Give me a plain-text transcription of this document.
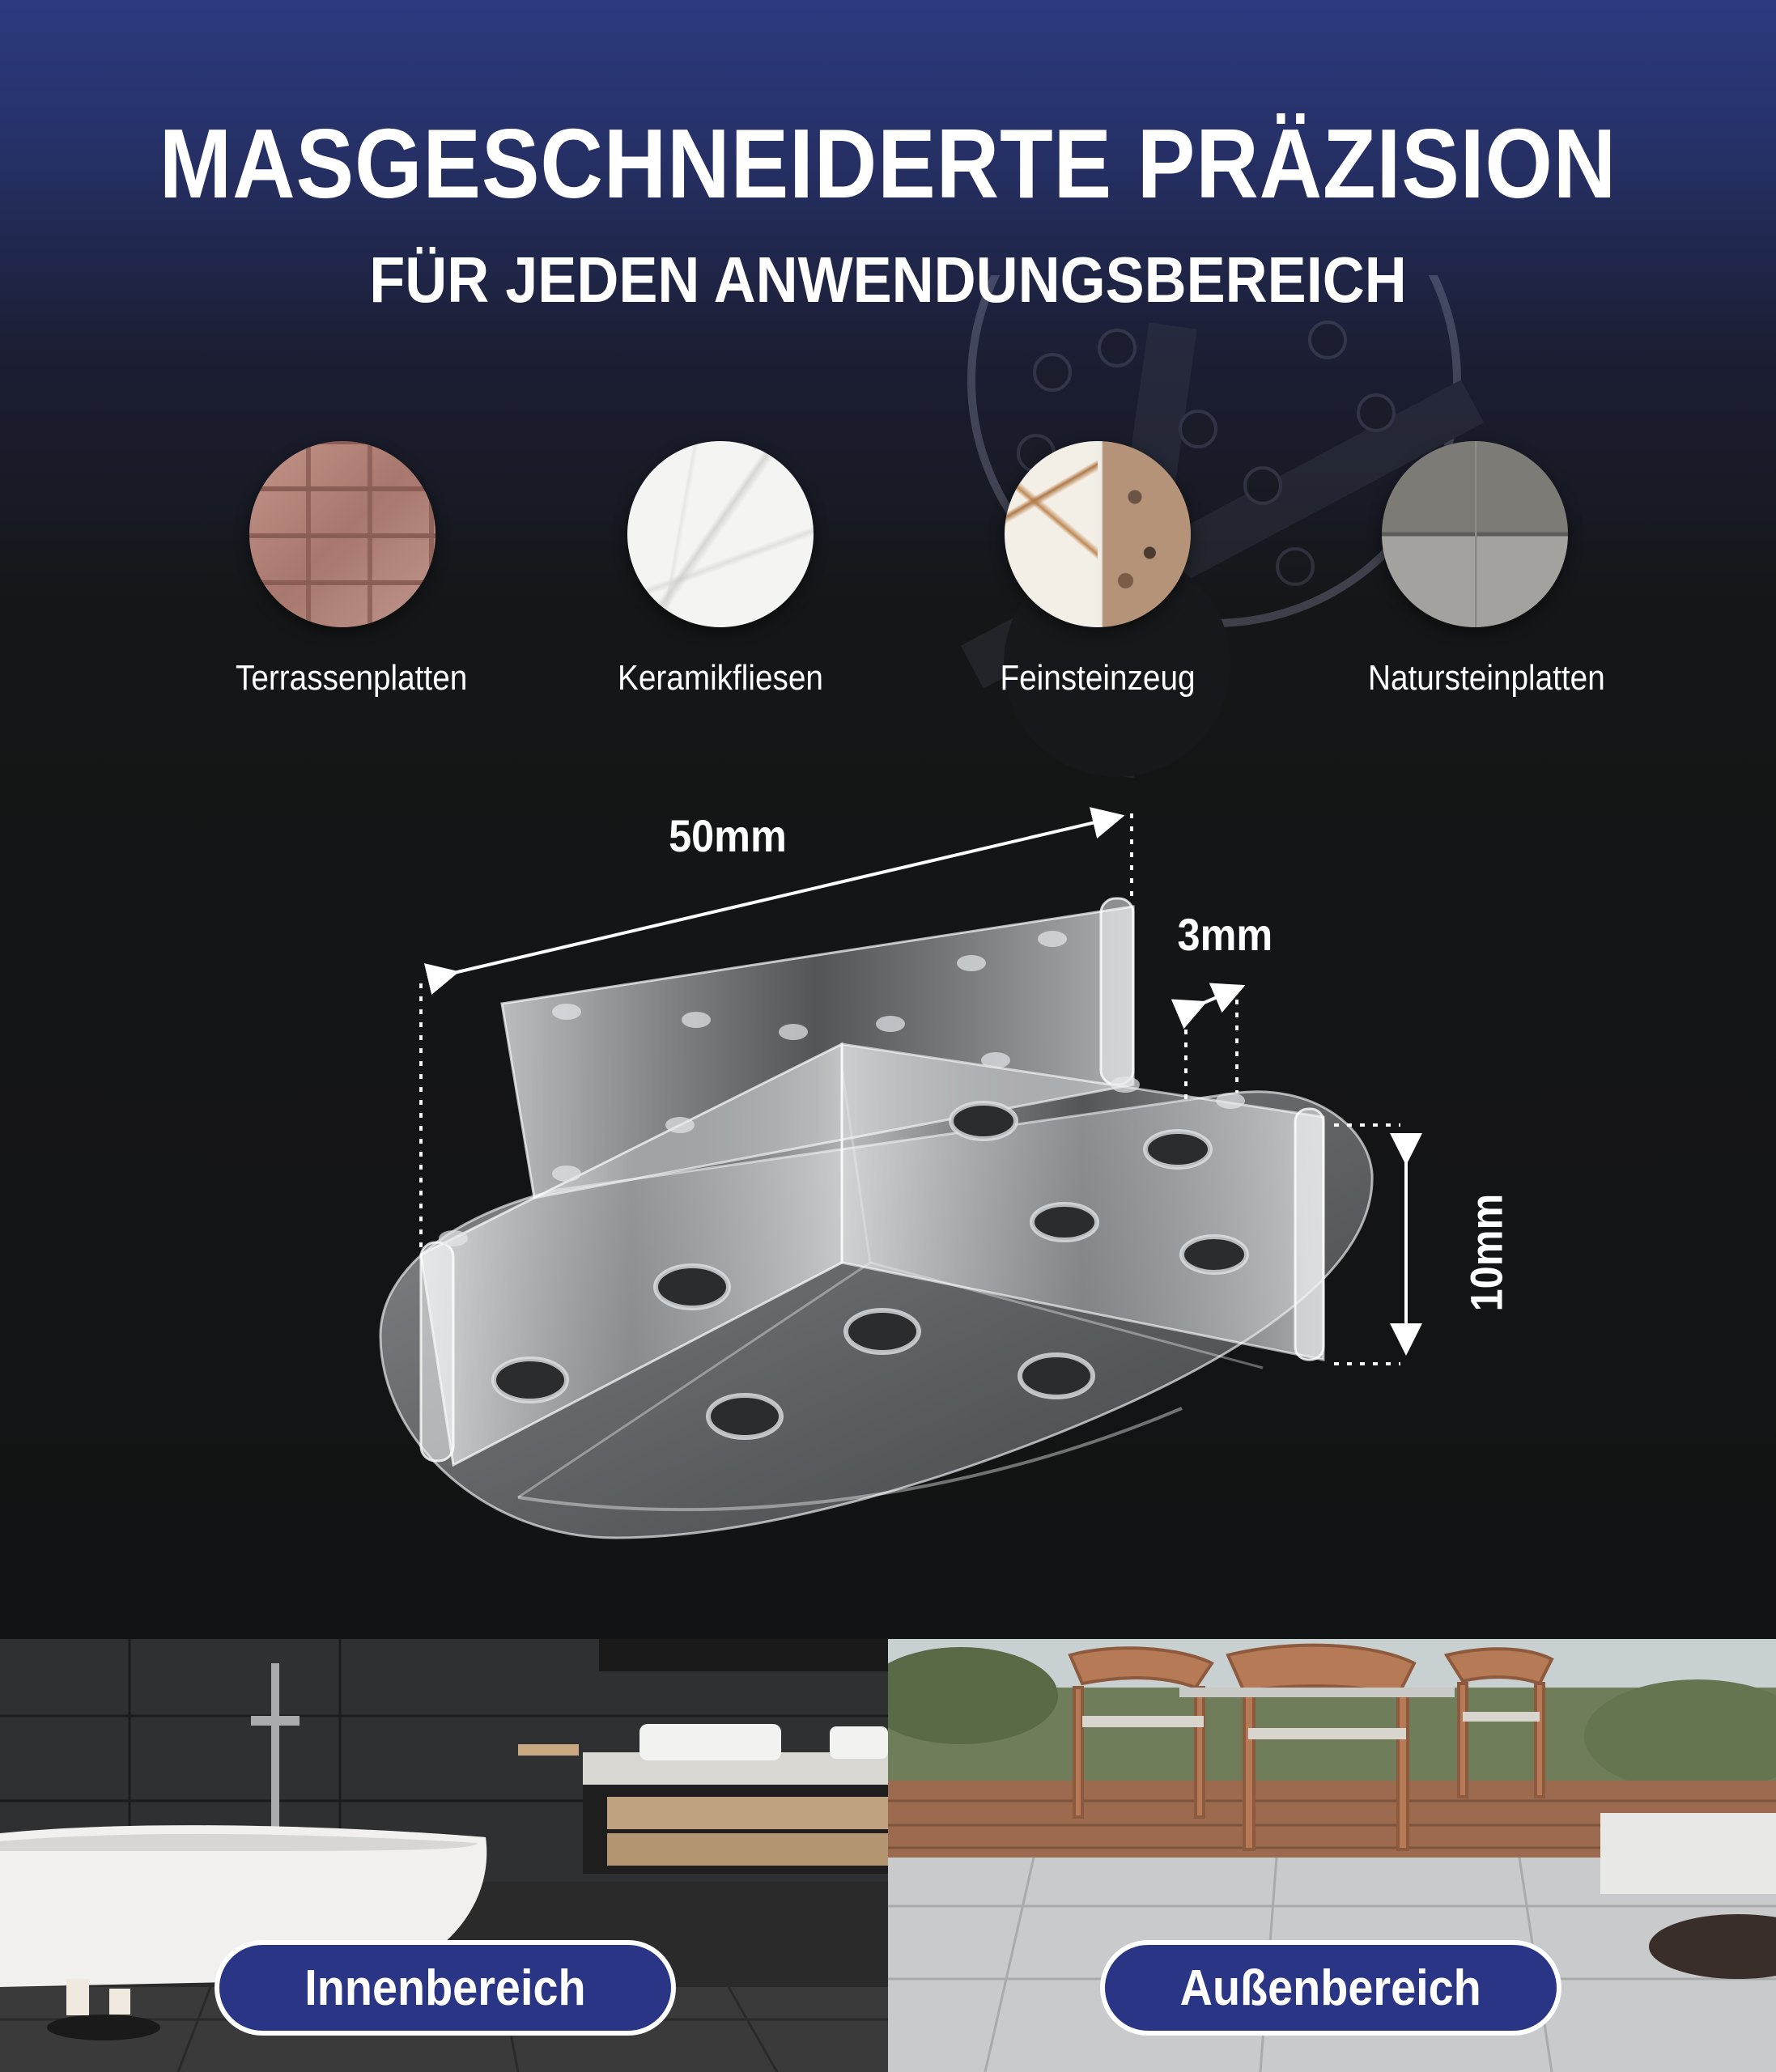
MASGESCHNEIDERTE PRÄZISION
FÜR JEDEN ANWENDUNGSBEREICH
Terrassenplatten	Keramikfliesen	Feinsteinzeug	Natursteinplatten
50mm
3mm
10mm
Innenbereich	Außenbereich
